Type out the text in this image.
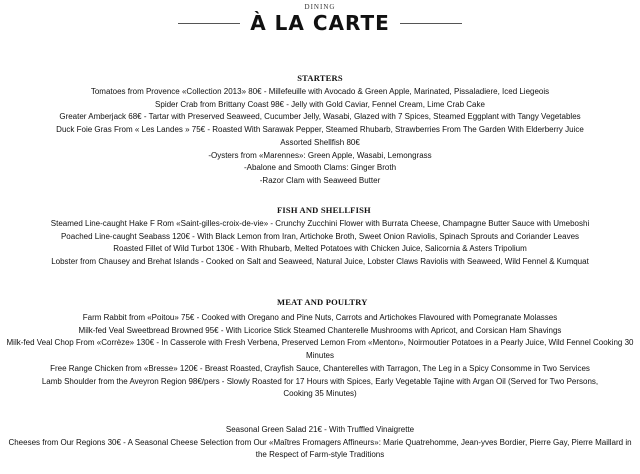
DINING
À LA CARTE
STARTERS
Tomatoes from Provence «Collection 2013» 80€ - Millefeuille with Avocado & Green Apple, Marinated, Pissaladiere, Iced Liegeois
Spider Crab from Brittany Coast 98€ - Jelly with Gold Caviar, Fennel Cream, Lime Crab Cake
Greater Amberjack 68€ - Tartar with Preserved Seaweed, Cucumber Jelly, Wasabi, Glazed with 7 Spices, Steamed Eggplant with Tangy Vegetables
Duck Foie Gras From « Les Landes » 75€ - Roasted With Sarawak Pepper, Steamed Rhubarb, Strawberries From The Garden With Elderberry Juice
Assorted Shellfish 80€
-Oysters from «Marennes»: Green Apple, Wasabi, Lemongrass
-Abalone and Smooth Clams: Ginger Broth
-Razor Clam with Seaweed Butter
FISH AND SHELLFISH
Steamed Line-caught Hake F Rom «Saint-gilles-croix-de-vie» - Crunchy Zucchini Flower with Burrata Cheese, Champagne Butter Sauce with Umeboshi
Poached Line-caught Seabass 120€ - With Black Lemon from Iran, Artichoke Broth, Sweet Onion Raviolis, Spinach Sprouts and Coriander Leaves
Roasted Fillet of Wild Turbot 130€ - With Rhubarb, Melted Potatoes with Chicken Juice, Salicornia & Asters Tripolium
Lobster from Chausey and Brehat Islands - Cooked on Salt and Seaweed, Natural Juice, Lobster Claws Raviolis with Seaweed, Wild Fennel & Kumquat
MEAT AND POULTRY
Farm Rabbit from «Poitou» 75€ - Cooked with Oregano and Pine Nuts, Carrots and Artichokes Flavoured with Pomegranate Molasses
Milk-fed Veal Sweetbread Browned 95€ - With Licorice Stick Steamed Chanterelle Mushrooms with Apricot, and Corsican Ham Shavings
Milk-fed Veal Chop From «Corrèze» 130€ - In Casserole with Fresh Verbena, Preserved Lemon From «Menton», Noirmoutier Potatoes in a Pearly Juice, Wild Fennel Cooking 30 Minutes
Free Range Chicken from «Bresse» 120€ - Breast Roasted, Crayfish Sauce, Chanterelles with Tarragon, The Leg in a Spicy Consomme in Two Services
Lamb Shoulder from the Aveyron Region 98€/pers - Slowly Roasted for 17 Hours with Spices, Early Vegetable Tajine with Argan Oil (Served for Two Persons, Cooking 35 Minutes)
Seasonal Green Salad 21€ - With Truffled Vinaigrette
Cheeses from Our Regions 30€ - A Seasonal Cheese Selection from Our «Maîtres Fromagers Affineurs»: Marie Quatrehomme, Jean-yves Bordier, Pierre Gay, Pierre Maillard in the Respect of Farm-style Traditions
